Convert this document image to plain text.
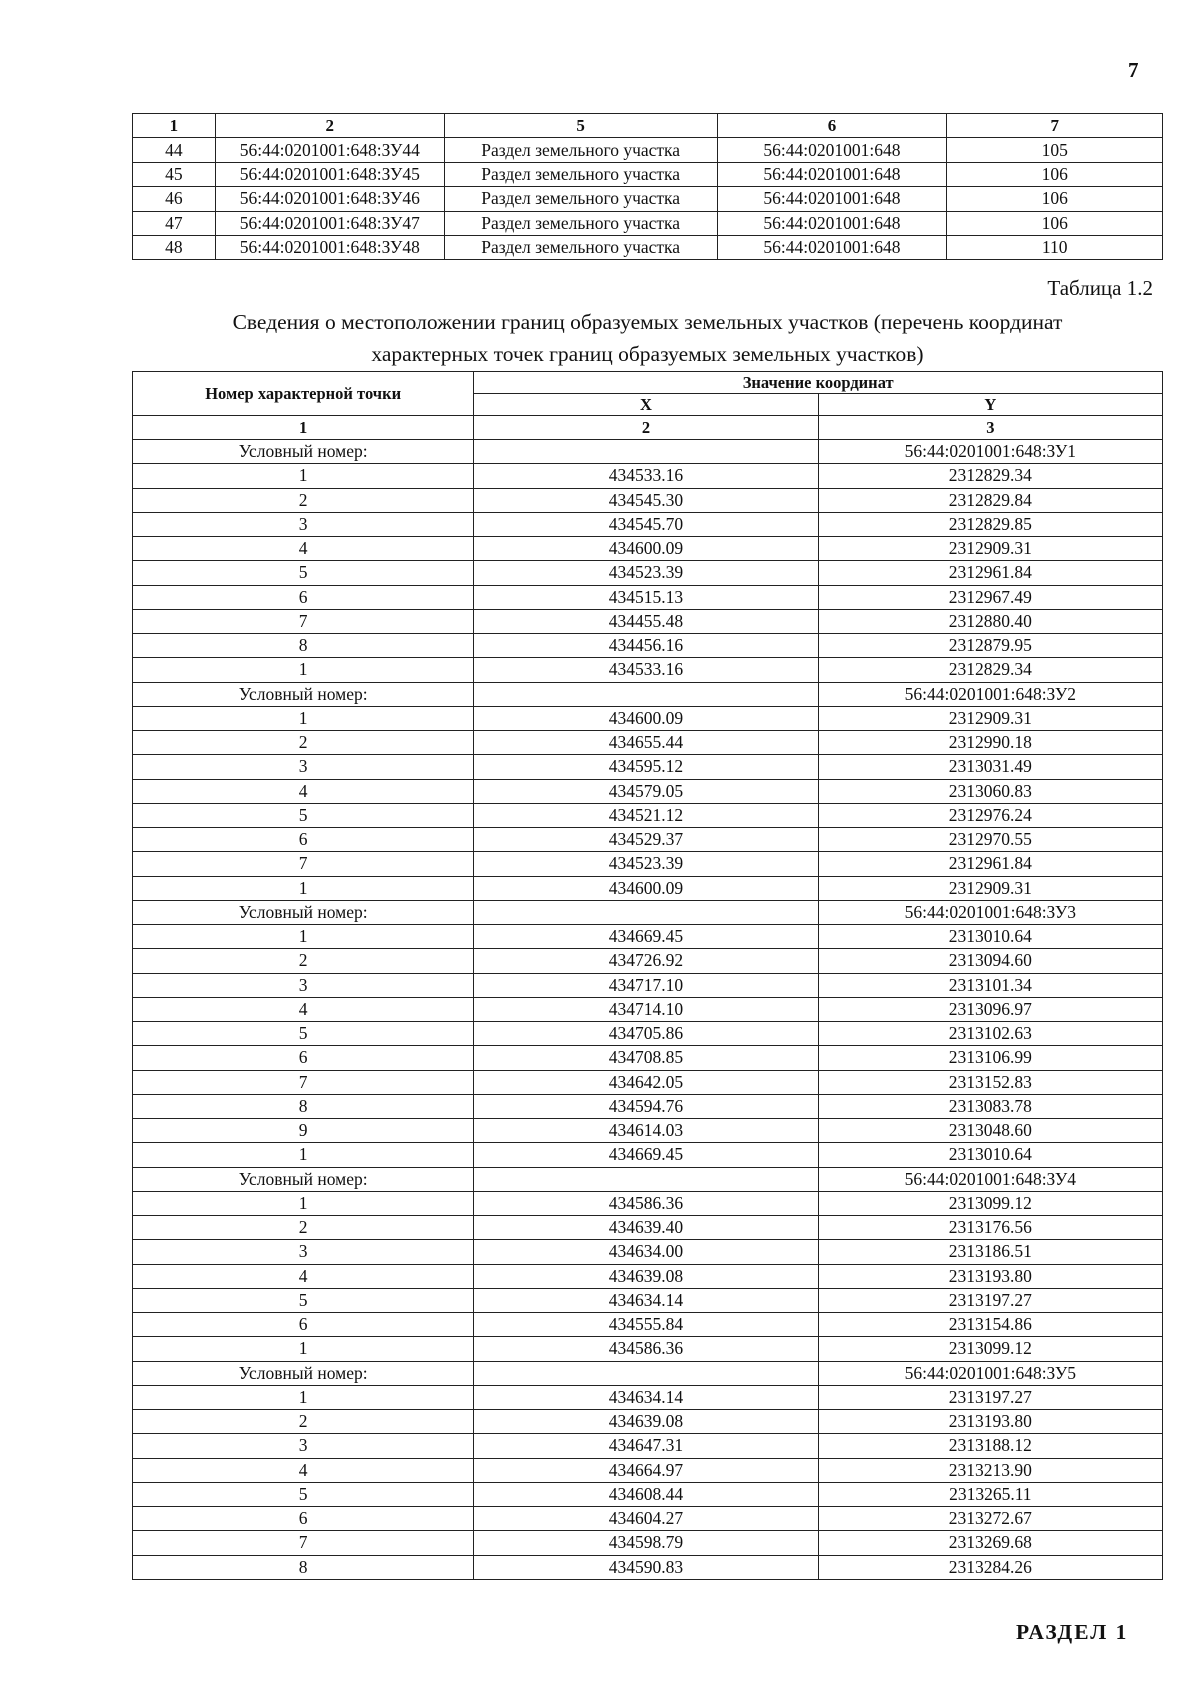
7
1	2	5	6	7
44	56:44:0201001:648:ЗУ44	Раздел земельного участка	56:44:0201001:648	105
45	56:44:0201001:648:ЗУ45	Раздел земельного участка	56:44:0201001:648	106
46	56:44:0201001:648:ЗУ46	Раздел земельного участка	56:44:0201001:648	106
47	56:44:0201001:648:ЗУ47	Раздел земельного участка	56:44:0201001:648	106
48	56:44:0201001:648:ЗУ48	Раздел земельного участка	56:44:0201001:648	110
Таблица 1.2
Сведения о местоположении границ образуемых земельных участков (перечень координат
характерных точек границ образуемых земельных участков)
Номер характерной точки	Значение координат	
	X	Y
1	2	3
Условный номер:		56:44:0201001:648:ЗУ1
1	434533.16	2312829.34
2	434545.30	2312829.84
3	434545.70	2312829.85
4	434600.09	2312909.31
5	434523.39	2312961.84
6	434515.13	2312967.49
7	434455.48	2312880.40
8	434456.16	2312879.95
1	434533.16	2312829.34
Условный номер:		56:44:0201001:648:ЗУ2
1	434600.09	2312909.31
2	434655.44	2312990.18
3	434595.12	2313031.49
4	434579.05	2313060.83
5	434521.12	2312976.24
6	434529.37	2312970.55
7	434523.39	2312961.84
1	434600.09	2312909.31
Условный номер:		56:44:0201001:648:ЗУ3
1	434669.45	2313010.64
2	434726.92	2313094.60
3	434717.10	2313101.34
4	434714.10	2313096.97
5	434705.86	2313102.63
6	434708.85	2313106.99
7	434642.05	2313152.83
8	434594.76	2313083.78
9	434614.03	2313048.60
1	434669.45	2313010.64
Условный номер:		56:44:0201001:648:ЗУ4
1	434586.36	2313099.12
2	434639.40	2313176.56
3	434634.00	2313186.51
4	434639.08	2313193.80
5	434634.14	2313197.27
6	434555.84	2313154.86
1	434586.36	2313099.12
Условный номер:		56:44:0201001:648:ЗУ5
1	434634.14	2313197.27
2	434639.08	2313193.80
3	434647.31	2313188.12
4	434664.97	2313213.90
5	434608.44	2313265.11
6	434604.27	2313272.67
7	434598.79	2313269.68
8	434590.83	2313284.26
РАЗДЕЛ 1
